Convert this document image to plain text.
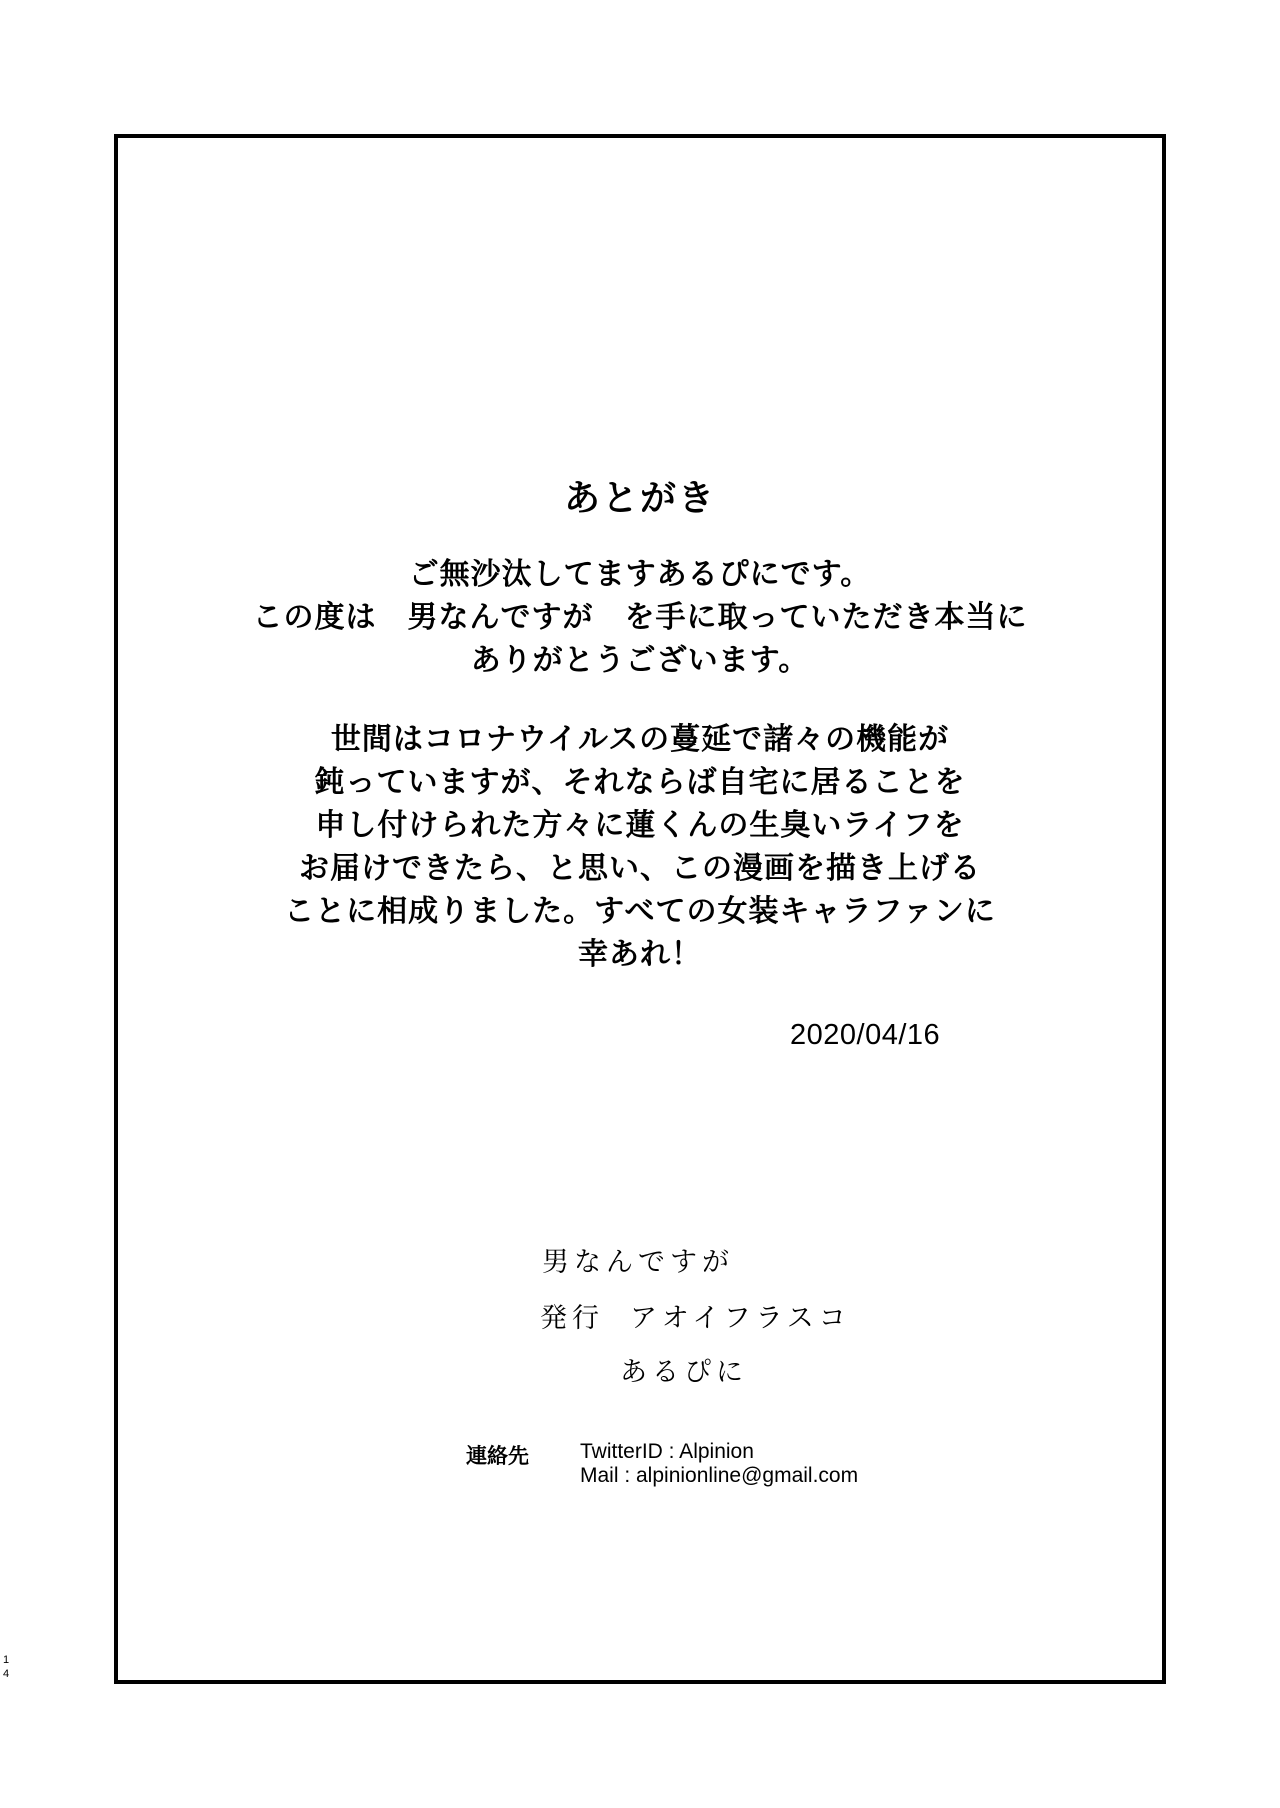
あとがき
ご無沙汰してますあるぴにです。
この度は　男なんですが　を手に取っていただき本当に
ありがとうございます。
世間はコロナウイルスの蔓延で諸々の機能が
鈍っていますが、それならば自宅に居ることを
申し付けられた方々に蓮くんの生臭いライフを
お届けできたら、と思い、この漫画を描き上げる
ことに相成りました。すべての女装キャラファンに
幸あれ！
2020/04/16
男なんですが
発行 アオイフラスコ
あるぴに
連絡先 TwitterID : Alpinion
Mail : alpinionline@gmail.com
1
4
